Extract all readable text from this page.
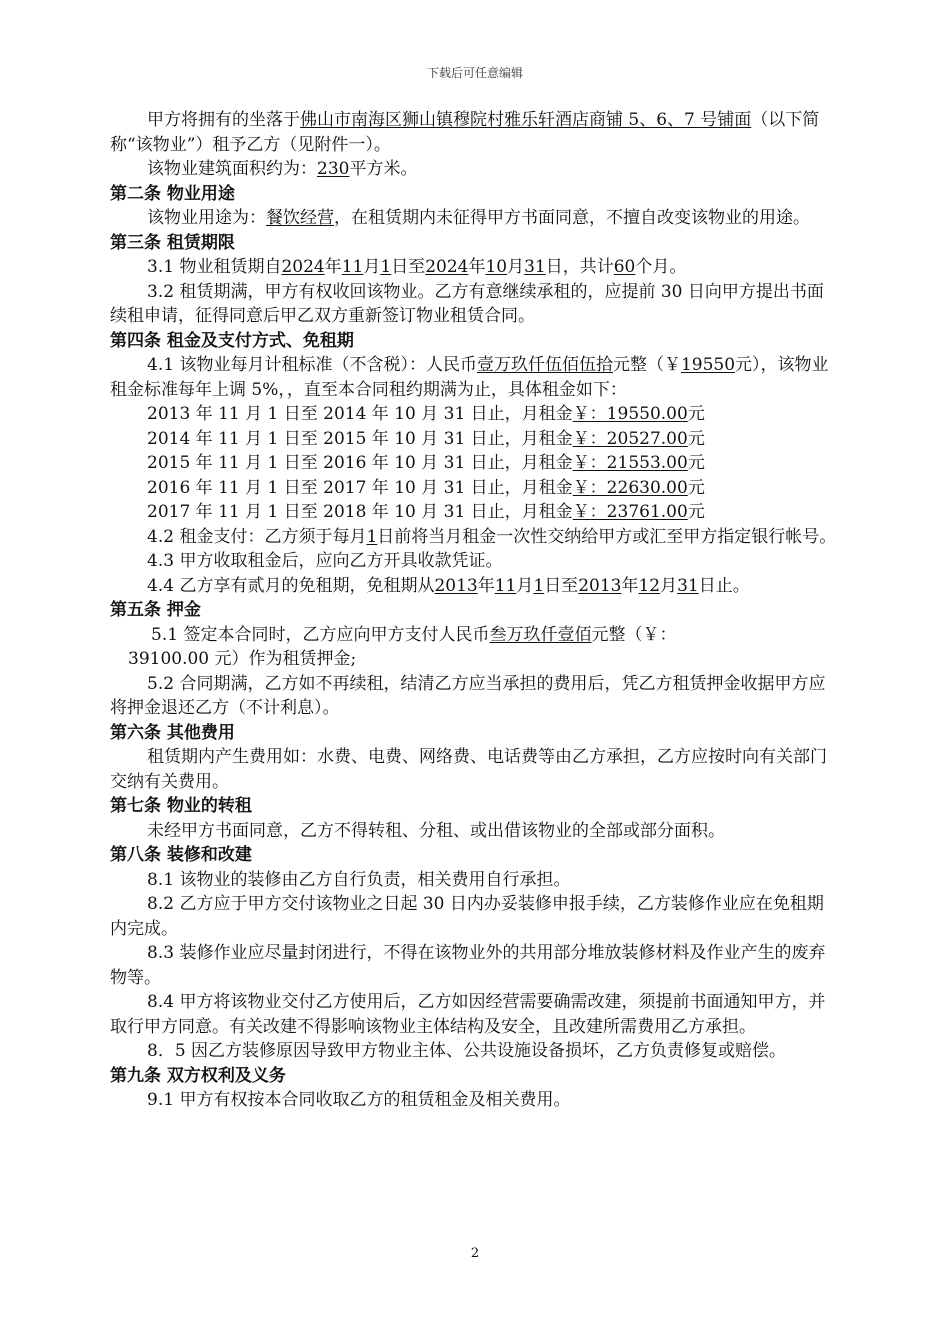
下载后可任意编辑

甲方将拥有的坐落于佛山市南海区狮山镇穆院村雅乐轩酒店商铺 5、6、7 号铺面（以下简称“该物业”）租予乙方（见附件一）。

该物业建筑面积约为：230平方米。

第二条 物业用途

该物业用途为：餐饮经营，在租赁期内未征得甲方书面同意，不擅自改变该物业的用途。

第三条 租赁期限

3.1 物业租赁期自2024年11月1日至2024年10月31日，共计60个月。

3.2 租赁期满，甲方有权收回该物业。乙方有意继续承租的，应提前 30 日向甲方提出书面续租申请，征得同意后甲乙双方重新签订物业租赁合同。

第四条 租金及支付方式、免租期

4.1 该物业每月计租标准（不含税）：人民币壹万玖仟伍佰伍拾元整（￥19550元），该物业租金标准每年上调 5%，，直至本合同租约期满为止，具体租金如下：

2013 年 11 月 1 日至 2014 年 10 月 31 日止，月租金￥：19550.00元

2014 年 11 月 1 日至 2015 年 10 月 31 日止，月租金￥：20527.00元

2015 年 11 月 1 日至 2016 年 10 月 31 日止，月租金￥：21553.00元

2016 年 11 月 1 日至 2017 年 10 月 31 日止，月租金￥：22630.00元

2017 年 11 月 1 日至 2018 年 10 月 31 日止，月租金￥：23761.00元

4.2 租金支付：乙方须于每月1日前将当月租金一次性交纳给甲方或汇至甲方指定银行帐号。

4.3 甲方收取租金后，应向乙方开具收款凭证。

4.4 乙方享有贰月的免租期，免租期从2013年11月1日至2013年12月31日止。

第五条 押金

5.1 签定本合同时，乙方应向甲方支付人民币叁万玖仟壹佰元整（￥：

39100.00 元）作为租赁押金;

5.2 合同期满，乙方如不再续租，结清乙方应当承担的费用后，凭乙方租赁押金收据甲方应将押金退还乙方（不计利息）。

第六条 其他费用

租赁期内产生费用如：水费、电费、网络费、电话费等由乙方承担，乙方应按时向有关部门交纳有关费用。

第七条 物业的转租

未经甲方书面同意，乙方不得转租、分租、或出借该物业的全部或部分面积。

第八条 装修和改建

8.1 该物业的装修由乙方自行负责，相关费用自行承担。

8.2 乙方应于甲方交付该物业之日起 30 日内办妥装修申报手续，乙方装修作业应在免租期内完成。

8.3 装修作业应尽量封闭进行，不得在该物业外的共用部分堆放装修材料及作业产生的废弃物等。

8.4 甲方将该物业交付乙方使用后，乙方如因经营需要确需改建，须提前书面通知甲方，并取行甲方同意。有关改建不得影响该物业主体结构及安全，且改建所需费用乙方承担。

8．5 因乙方装修原因导致甲方物业主体、公共设施设备损坏，乙方负责修复或赔偿。

第九条 双方权利及义务

9.1 甲方有权按本合同收取乙方的租赁租金及相关费用。

2
